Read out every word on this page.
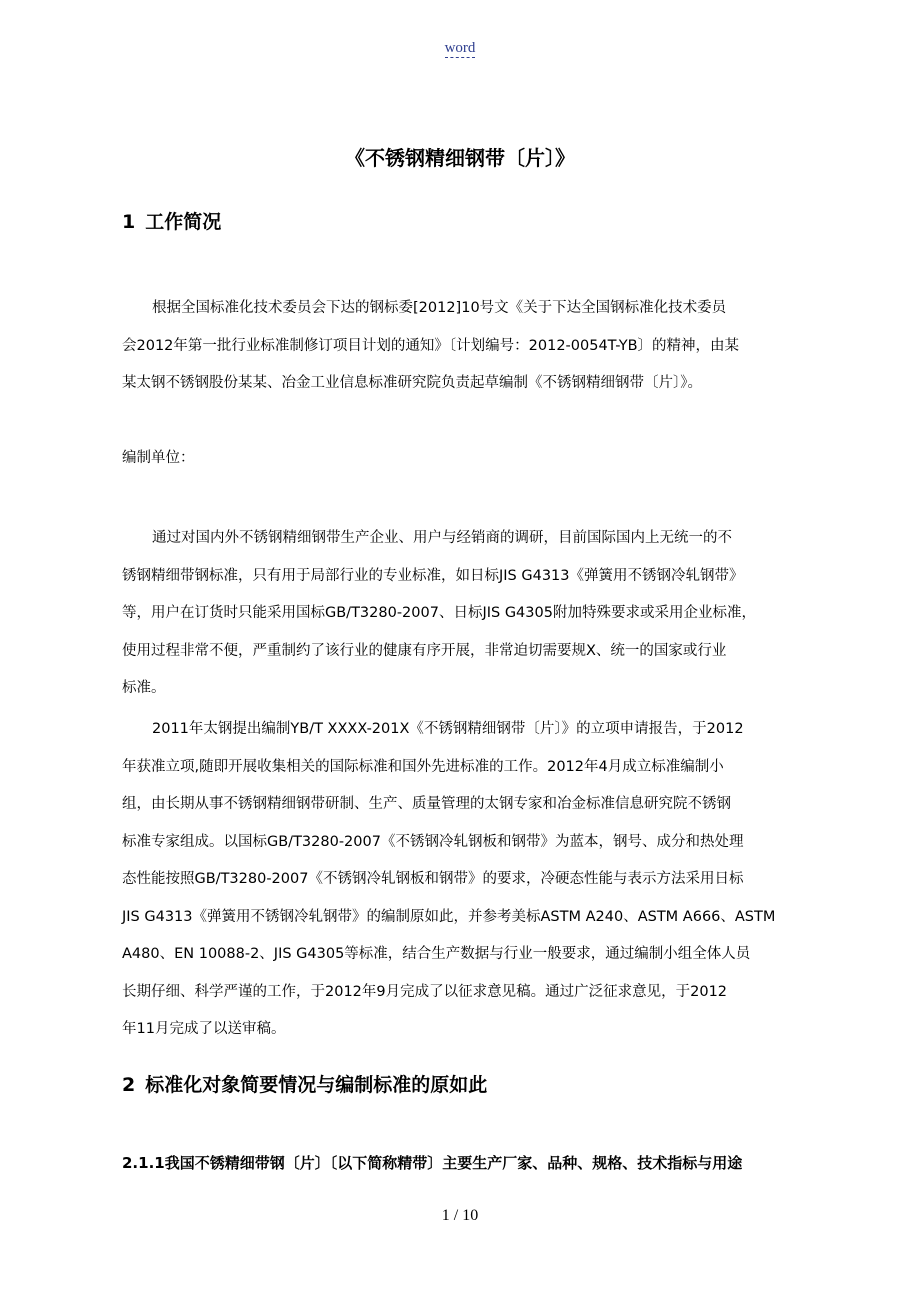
word
《不锈钢精细钢带〔片〕》
1 工作简况
根据全国标准化技术委员会下达的钢标委[2012]10号文《关于下达全国钢标准化技术委员
会2012年第一批行业标准制修订项目计划的通知》〔计划编号：2012-0054T-YB〕的精神，由某
某太钢不锈钢股份某某、冶金工业信息标准研究院负责起草编制《不锈钢精细钢带〔片〕》。
编制单位：
通过对国内外不锈钢精细钢带生产企业、用户与经销商的调研，目前国际国内上无统一的不
锈钢精细带钢标准，只有用于局部行业的专业标准，如日标JIS G4313《弹簧用不锈钢冷轧钢带》
等，用户在订货时只能采用国标GB/T3280-2007、日标JIS G4305附加特殊要求或采用企业标准，
使用过程非常不便，严重制约了该行业的健康有序开展，非常迫切需要规X、统一的国家或行业
标准。
2011年太钢提出编制YB/T XXXX-201X《不锈钢精细钢带〔片〕》的立项申请报告，于2012
年获准立项,随即开展收集相关的国际标准和国外先进标准的工作。2012年4月成立标准编制小
组，由长期从事不锈钢精细钢带研制、生产、质量管理的太钢专家和冶金标准信息研究院不锈钢
标准专家组成。以国标GB/T3280-2007《不锈钢冷轧钢板和钢带》为蓝本，钢号、成分和热处理
态性能按照GB/T3280-2007《不锈钢冷轧钢板和钢带》的要求，冷硬态性能与表示方法采用日标
JIS G4313《弹簧用不锈钢冷轧钢带》的编制原如此，并参考美标ASTM A240、ASTM A666、ASTM
A480、EN 10088-2、JIS G4305等标准，结合生产数据与行业一般要求，通过编制小组全体人员
长期仔细、科学严谨的工作，于2012年9月完成了以征求意见稿。通过广泛征求意见，于2012
年11月完成了以送审稿。
2 标准化对象简要情况与编制标准的原如此
2.1.1我国不锈精细带钢〔片〕〔以下简称精带〕主要生产厂家、品种、规格、技术指标与用途
1 / 10
